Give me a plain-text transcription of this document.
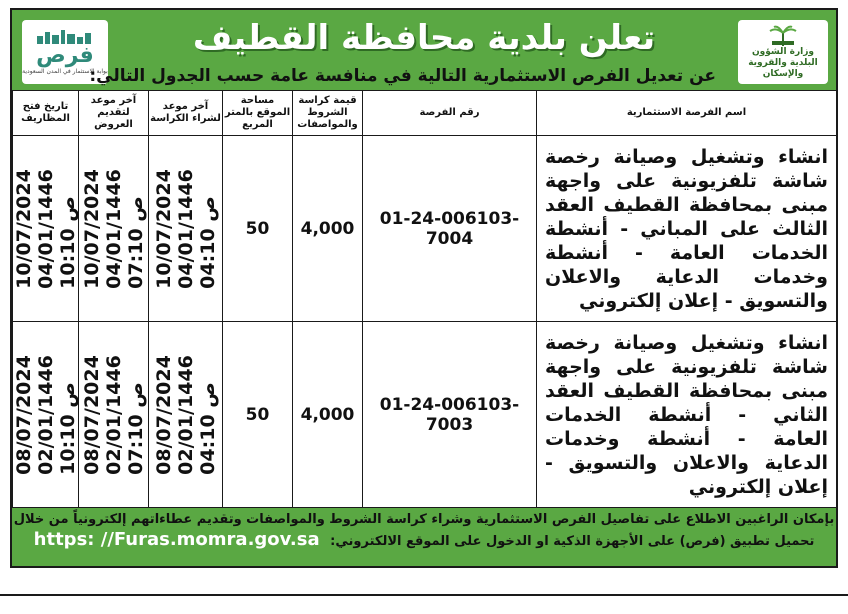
فرص
بوابة الاستثمار في المدن السعودية
تعلن بلدية محافظة القطيف
عن تعديل الفرص الاستثمارية التالية في منافسة عامة حسب الجدول التالي:
وزارة الشؤون البلدية والقروية والإسكان
تاريخ فتح المظاريف	آخر موعد لتقديم العروض	آخر موعد لشراء الكراسة	مساحة الموقع بالمتر المربع	قيمة كراسة الشروط والمواصفات	رقم الفرصة	اسم الفرصة الاستثمارية

10/07/2024 04/01/1446 10:10 ص	10/07/2024 04/01/1446 07:10 ص	10/07/2024 04/01/1446 04:10 ص	50	4,000	01-24-006103-7004	انشاء وتشغيل وصيانة رخصة شاشة تلفزيونية على واجهة مبنى بمحافظة القطيف العقد الثالث على المباني - أنشطة الخدمات العامة - أنشطة وخدمات الدعاية والاعلان والتسويق - إعلان إلكتروني

08/07/2024 02/01/1446 10:10 ص	08/07/2024 02/01/1446 07:10 ص	08/07/2024 02/01/1446 04:10 ص	50	4,000	01-24-006103-7003	انشاء وتشغيل وصيانة رخصة شاشة تلفزيونية على واجهة مبنى بمحافظة القطيف العقد الثاني - أنشطة الخدمات العامة - أنشطة وخدمات الدعاية والاعلان والتسويق - إعلان إلكتروني
بإمكان الراغبين الاطلاع على تفاصيل الفرص الاستثمارية وشراء كراسة الشروط والمواصفات وتقديم عطاءاتهم إلكترونياً من خلال
تحميل تطبيق (فرص) على الأجهزة الذكية او الدخول على الموقع الالكتروني: https: //Furas.momra.gov.sa
